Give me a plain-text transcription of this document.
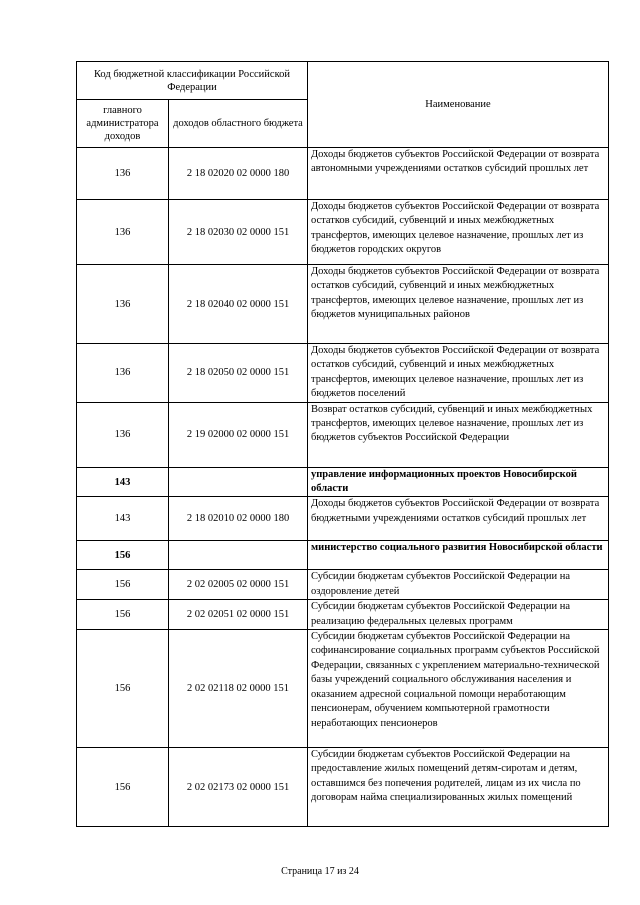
Код бюджетной классификации Российской Федерации		Наименование
главного администратора доходов	доходов областного бюджета	
136	2 18 02020 02 0000 180	Доходы бюджетов субъектов Российской Федерации от возврата автономными учреждениями остатков субсидий прошлых лет
136	2 18 02030 02 0000 151	Доходы бюджетов субъектов Российской Федерации от возврата остатков субсидий, субвенций и иных межбюджетных трансфертов, имеющих целевое назначение, прошлых лет из бюджетов городских округов
136	2 18 02040 02 0000 151	Доходы бюджетов субъектов Российской Федерации от возврата остатков субсидий, субвенций и иных межбюджетных трансфертов, имеющих целевое назначение, прошлых лет из бюджетов муниципальных районов
136	2 18 02050 02 0000 151	Доходы бюджетов субъектов Российской Федерации от возврата остатков субсидий, субвенций и иных межбюджетных трансфертов, имеющих целевое назначение, прошлых лет из бюджетов поселений
136	2 19 02000 02 0000 151	Возврат остатков субсидий, субвенций и иных межбюджетных трансфертов, имеющих целевое назначение, прошлых лет из бюджетов субъектов Российской Федерации
143		управление информационных проектов Новосибирской области
143	2 18 02010 02 0000 180	Доходы бюджетов субъектов Российской Федерации от возврата бюджетными учреждениями остатков субсидий прошлых лет
156		министерство социального развития Новосибирской области
156	2 02 02005 02 0000 151	Субсидии бюджетам субъектов Российской Федерации на оздоровление детей
156	2 02 02051 02 0000 151	Субсидии бюджетам субъектов Российской Федерации на реализацию федеральных целевых программ
156	2 02 02118 02 0000 151	Субсидии бюджетам субъектов Российской Федерации на софинансирование социальных программ субъектов Российской Федерации, связанных с укреплением материально-технической базы учреждений социального обслуживания населения и оказанием адресной социальной помощи неработающим пенсионерам, обучением компьютерной грамотности неработающих пенсионеров
156	2 02 02173 02 0000 151	Субсидии бюджетам субъектов Российской Федерации на предоставление жилых помещений детям-сиротам и детям, оставшимся без попечения родителей, лицам из их числа по договорам найма специализированных жилых помещений
Страница 17 из 24
